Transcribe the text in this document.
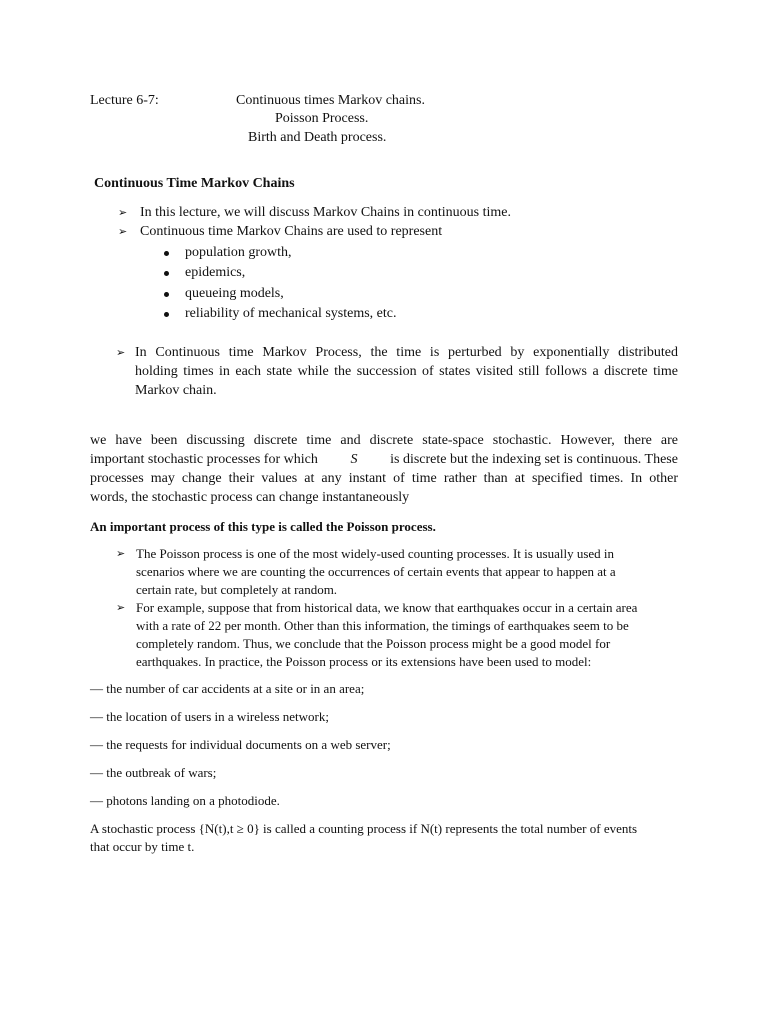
Lecture 6-7:	Continuous times Markov chains.
Poisson Process.
Birth and Death process.
Continuous Time Markov Chains
➢ In this lecture, we will discuss Markov Chains in continuous time.
➢ Continuous time Markov Chains are used to represent
population growth,
epidemics,
queueing models,
reliability of mechanical systems, etc.
➢ In Continuous time Markov Process, the time is perturbed by exponentially distributed
holding times in each state while the succession of states visited still follows a discrete time
Markov chain.
we have been discussing discrete time and discrete state-space stochastic. However, there are
important stochastic processes for which S is discrete but the indexing set is continuous. These
processes may change their values at any instant of time rather than at specified times. In other
words, the stochastic process can change instantaneously
An important process of this type is called the Poisson process.
➢ The Poisson process is one of the most widely-used counting processes. It is usually used in
scenarios where we are counting the occurrences of certain events that appear to happen at a
certain rate, but completely at random.
➢ For example, suppose that from historical data, we know that earthquakes occur in a certain area
with a rate of 22 per month. Other than this information, the timings of earthquakes seem to be
completely random. Thus, we conclude that the Poisson process might be a good model for
earthquakes. In practice, the Poisson process or its extensions have been used to model:
— the number of car accidents at a site or in an area;
— the location of users in a wireless network;
— the requests for individual documents on a web server;
— the outbreak of wars;
— photons landing on a photodiode.
A stochastic process {N(t),t ≥ 0} is called a counting process if N(t) represents the total number of events
that occur by time t.
